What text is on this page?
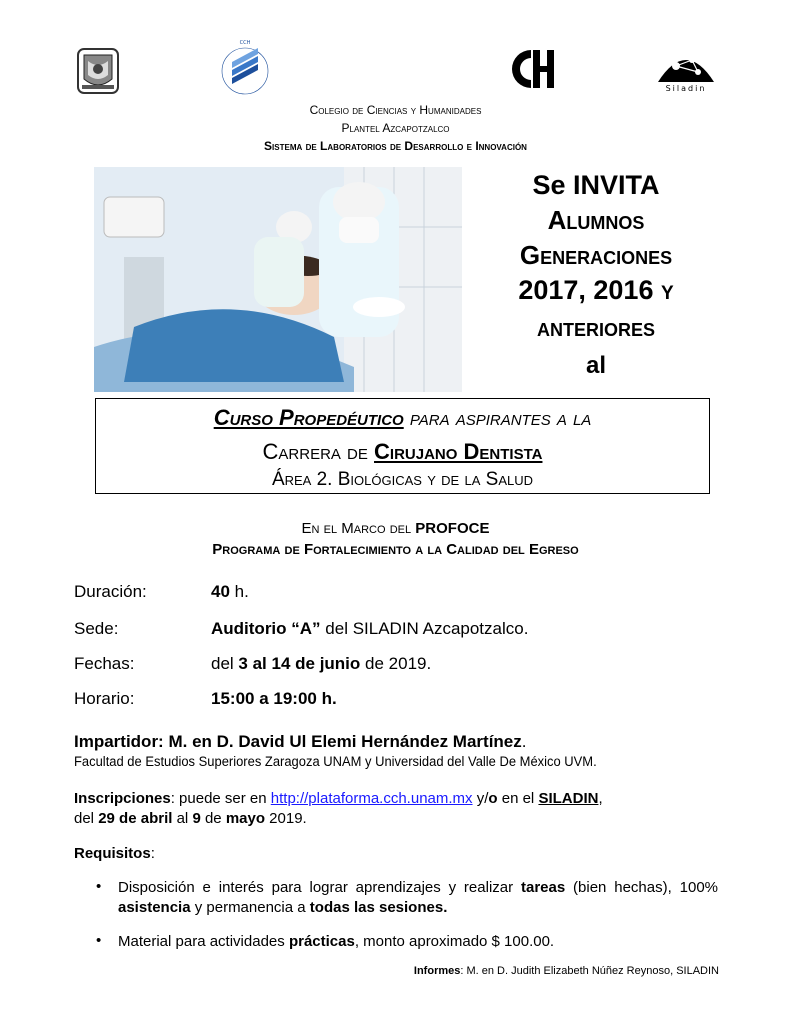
CCH
Siladin
Colegio de Ciencias y Humanidades
Plantel Azcapotzalco
Sistema de Laboratorios de Desarrollo e Innovación
Se INVITA
Alumnos
Generaciones
2017, 2016 y
anteriores
al
Curso Propedéutico para aspirantes a la
Carrera de Cirujano Dentista
Área 2. Biológicas y de la Salud
En el Marco del PROFOCE
Programa de Fortalecimiento a la Calidad del Egreso
Duración:	40 h.
Sede:	Auditorio “A” del SILADIN Azcapotzalco.
Fechas:	del 3 al 14 de junio de 2019.
Horario:	15:00 a 19:00 h.
Impartidor: M. en D. David Ul Elemi Hernández Martínez.
Facultad de Estudios Superiores Zaragoza UNAM y Universidad del Valle De México UVM.
Inscripciones: puede ser en http://plataforma.cch.unam.mx y/o en el SILADIN,
del 29 de abril al 9 de mayo 2019.
Requisitos:
• Disposición e interés para lograr aprendizajes y realizar tareas (bien hechas), 100% asistencia y permanencia a todas las sesiones.
• Material para actividades prácticas, monto aproximado $ 100.00.
Informes: M. en D. Judith Elizabeth Núñez Reynoso, SILADIN
